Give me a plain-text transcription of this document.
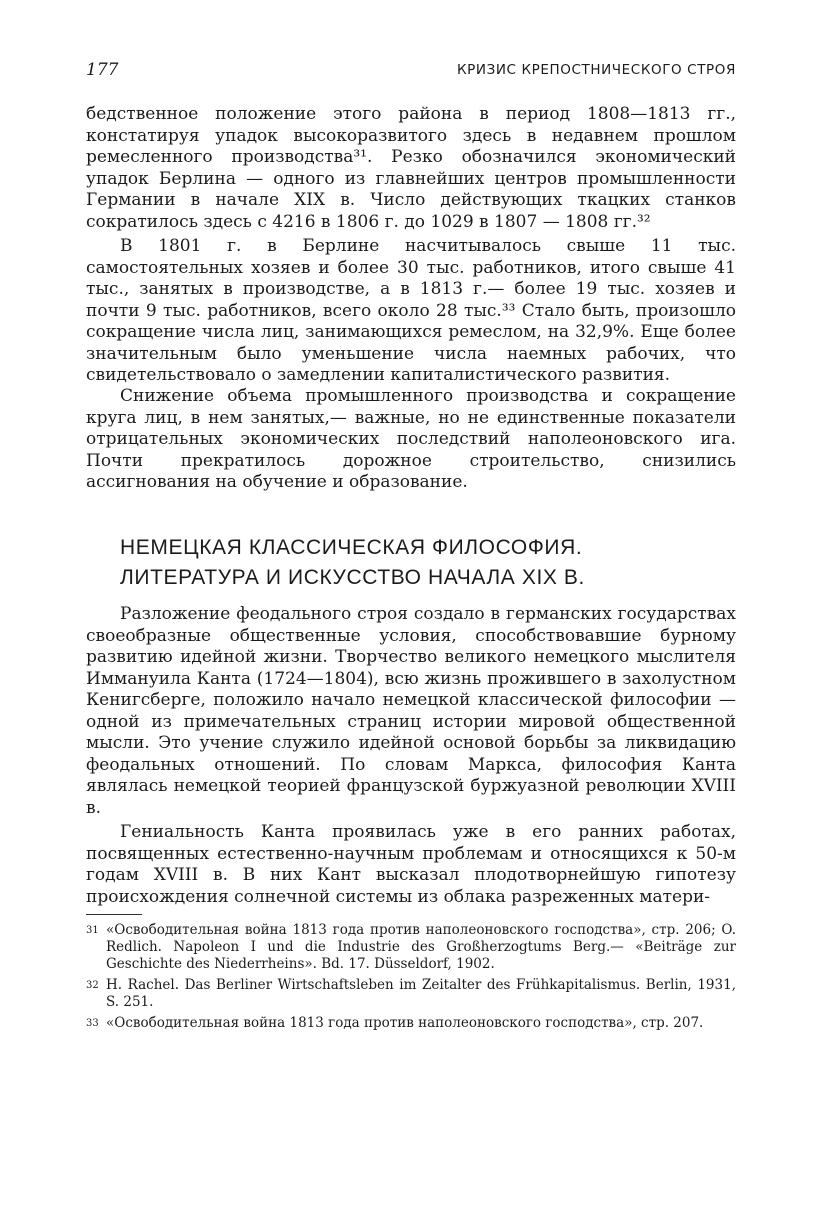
177	КРИЗИС КРЕПОСТНИЧЕСКОГО СТРОЯ

бедственное положение этого района в период 1808—1813 гг., констатируя упадок высокоразвитого здесь в недавнем прошлом ремесленного производства³¹. Резко обозначился экономический упадок Берлина — одного из главнейших центров промышленности Германии в начале XIX в. Число действующих ткацких станков сократилось здесь с 4216 в 1806 г. до 1029 в 1807 — 1808 гг.³²

В 1801 г. в Берлине насчитывалось свыше 11 тыс. самостоятельных хозяев и более 30 тыс. работников, итого свыше 41 тыс., занятых в производстве, а в 1813 г.— более 19 тыс. хозяев и почти 9 тыс. работников, всего около 28 тыс.³³ Стало быть, произошло сокращение числа лиц, занимающихся ремеслом, на 32,9%. Еще более значительным было уменьшение числа наемных рабочих, что свидетельствовало о замедлении капиталистического развития.

Снижение объема промышленного производства и сокращение круга лиц, в нем занятых,— важные, но не единственные показатели отрицательных экономических последствий наполеоновского ига. Почти прекратилось дорожное строительство, снизились ассигнования на обучение и образование.

НЕМЕЦКАЯ КЛАССИЧЕСКАЯ ФИЛОСОФИЯ.
ЛИТЕРАТУРА И ИСКУССТВО НАЧАЛА XIX В.

Разложение феодального строя создало в германских государствах своеобразные общественные условия, способствовавшие бурному развитию идейной жизни. Творчество великого немецкого мыслителя Иммануила Канта (1724—1804), всю жизнь прожившего в захолустном Кенигсберге, положило начало немецкой классической философии — одной из примечательных страниц истории мировой общественной мысли. Это учение служило идейной основой борьбы за ликвидацию феодальных отношений. По словам Маркса, философия Канта являлась немецкой теорией французской буржуазной революции XVIII в.

Гениальность Канта проявилась уже в его ранних работах, посвященных естественно-научным проблемам и относящихся к 50-м годам XVIII в. В них Кант высказал плодотворнейшую гипотезу происхождения солнечной системы из облака разреженных матери-

31 «Освободительная война 1813 года против наполеоновского господства», стр. 206; O. Redlich. Napoleon I und die Industrie des Großherzogtums Berg.— «Beiträge zur Geschichte des Niederrheins». Bd. 17. Düsseldorf, 1902.
32 H. Rachel. Das Berliner Wirtschaftsleben im Zeitalter des Frühkapitalismus. Berlin, 1931, S. 251.
33 «Освободительная война 1813 года против наполеоновского господства», стр. 207.
